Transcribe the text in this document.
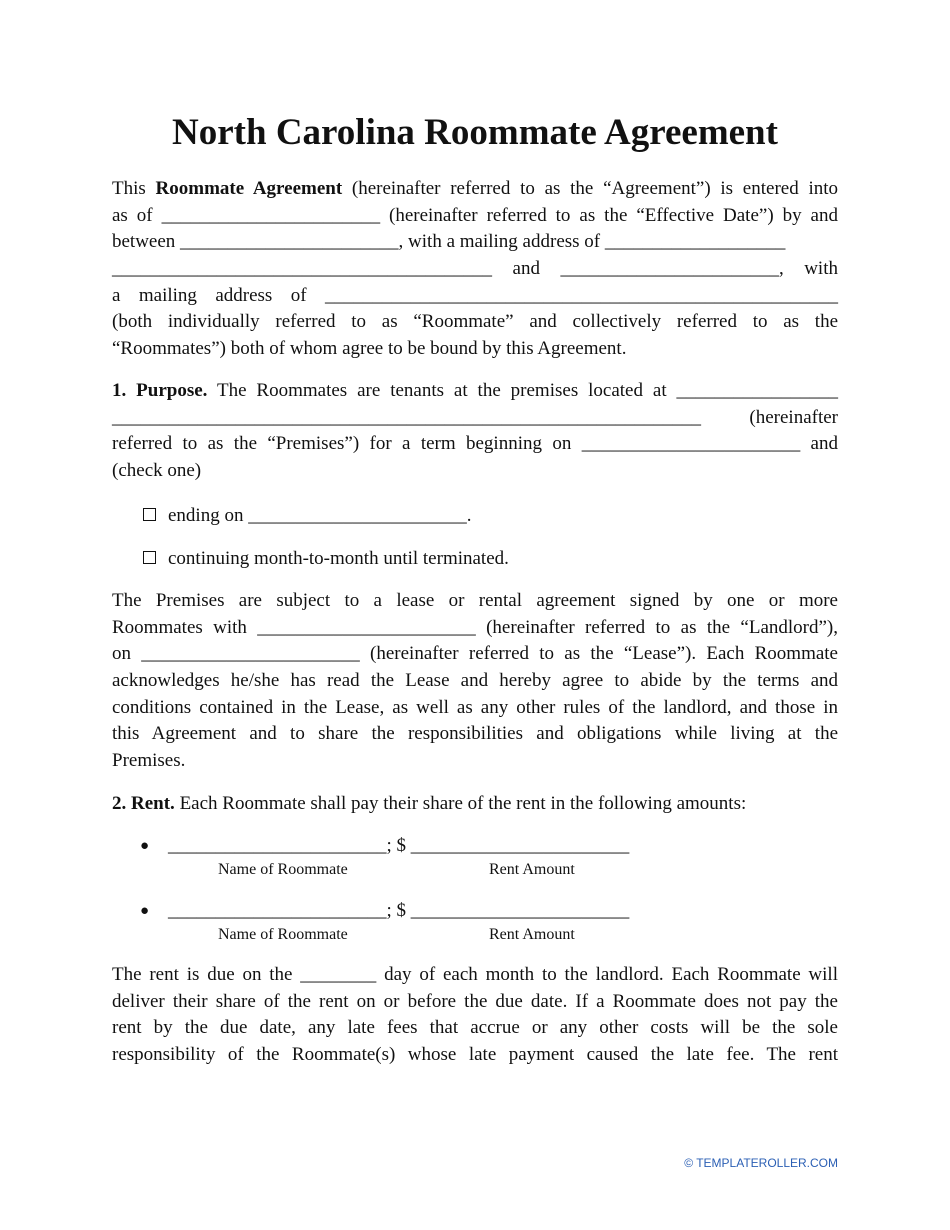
North Carolina Roommate Agreement
This Roommate Agreement (hereinafter referred to as the “Agreement”) is entered into
as of _______________________ (hereinafter referred to as the “Effective Date”) by and
between _______________________, with a mailing address of ___________________
________________________________________ and _______________________, with
a mailing address of ______________________________________________________
(both individually referred to as “Roommate” and collectively referred to as the
“Roommates”) both of whom agree to be bound by this Agreement.
1. Purpose. The Roommates are tenants at the premises located at _________________
______________________________________________________________ (hereinafter
referred to as the “Premises”) for a term beginning on _______________________ and
(check one)
ending on _______________________.
continuing month-to-month until terminated.
The Premises are subject to a lease or rental agreement signed by one or more
Roommates with _______________________ (hereinafter referred to as the “Landlord”),
on _______________________ (hereinafter referred to as the “Lease”). Each Roommate
acknowledges he/she has read the Lease and hereby agree to abide by the terms and
conditions contained in the Lease, as well as any other rules of the landlord, and those in
this Agreement and to share the responsibilities and obligations while living at the
Premises.
2. Rent. Each Roommate shall pay their share of the rent in the following amounts:
● _______________________; $ _______________________
Name of Roommate	Rent Amount
● _______________________; $ _______________________
Name of Roommate	Rent Amount
The rent is due on the ________ day of each month to the landlord. Each Roommate will
deliver their share of the rent on or before the due date. If a Roommate does not pay the
rent by the due date, any late fees that accrue or any other costs will be the sole
responsibility of the Roommate(s) whose late payment caused the late fee. The rent
© TEMPLATEROLLER.COM
